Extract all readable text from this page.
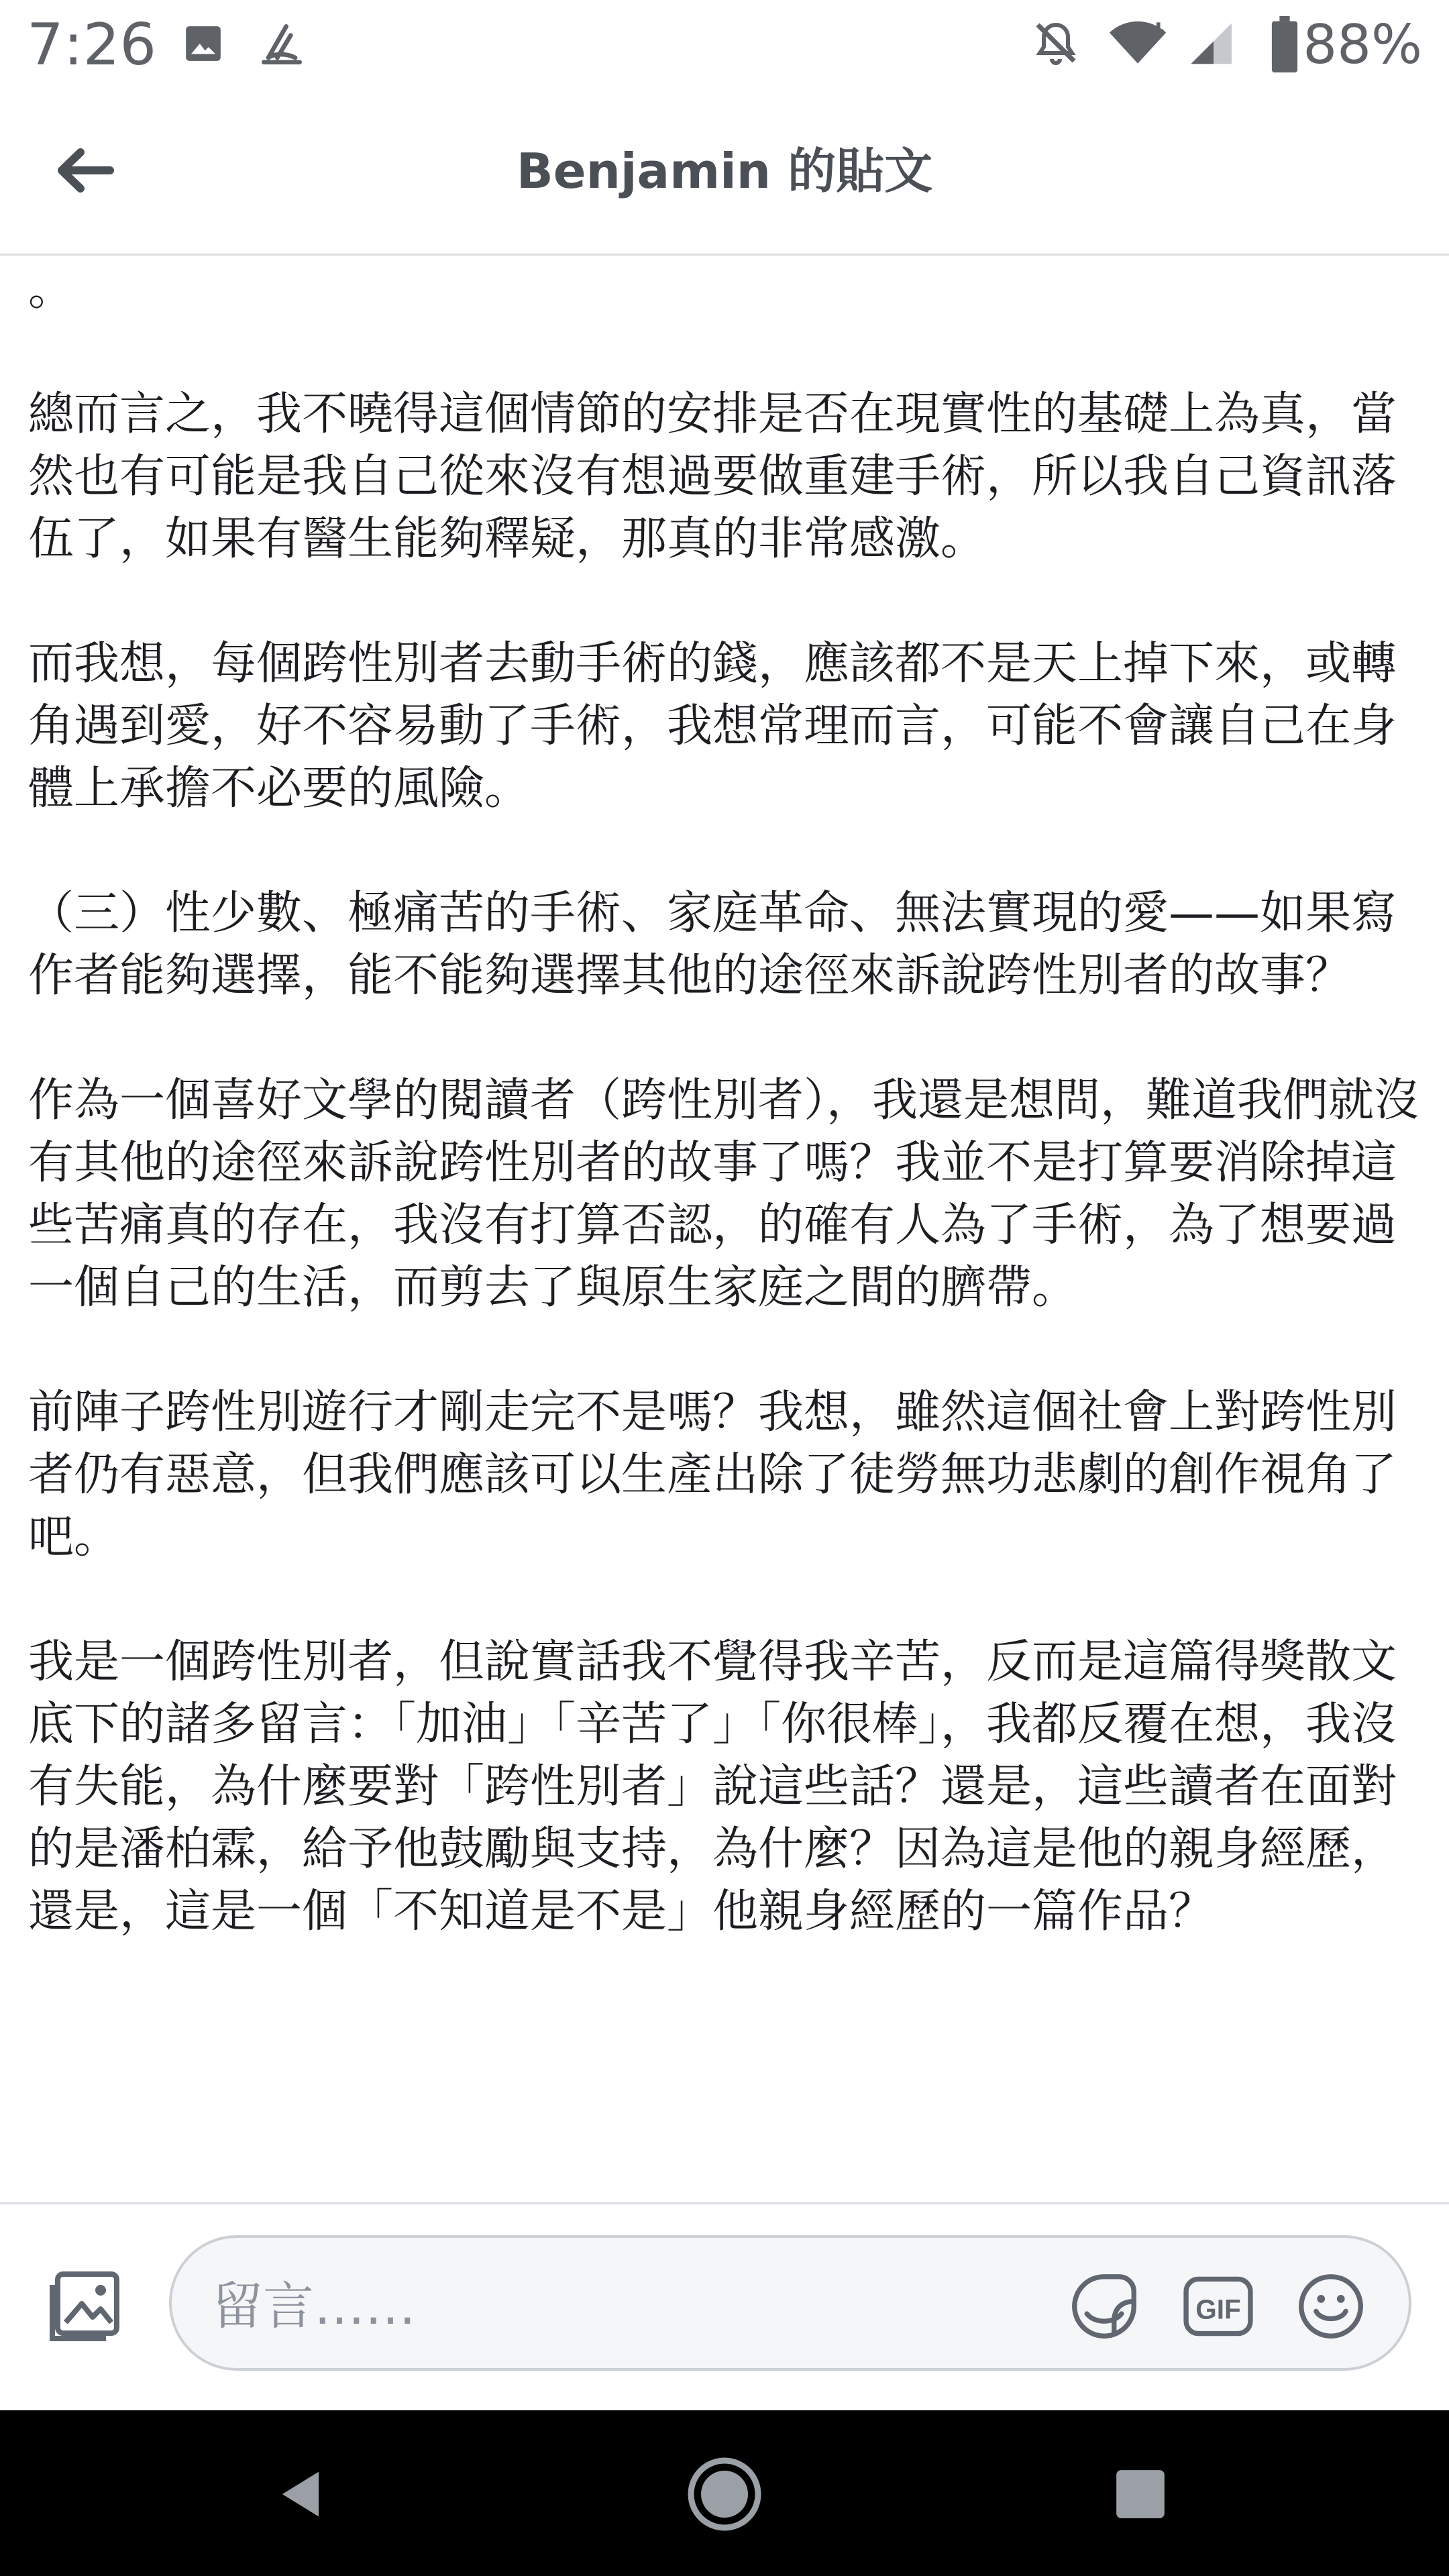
7:26	88%
Benjamin 的貼文

。

總而言之，我不曉得這個情節的安排是否在現實性的基礎上為真，當然也有可能是我自己從來沒有想過要做重建手術，所以我自己資訊落伍了，如果有醫生能夠釋疑，那真的非常感激。

而我想，每個跨性別者去動手術的錢，應該都不是天上掉下來，或轉角遇到愛，好不容易動了手術，我想常理而言，可能不會讓自己在身體上承擔不必要的風險。

（三）性少數、極痛苦的手術、家庭革命、無法實現的愛——如果寫作者能夠選擇，能不能夠選擇其他的途徑來訴說跨性別者的故事？

作為一個喜好文學的閱讀者（跨性別者），我還是想問，難道我們就沒有其他的途徑來訴說跨性別者的故事了嗎？我並不是打算要消除掉這些苦痛真的存在，我沒有打算否認，的確有人為了手術，為了想要過一個自己的生活，而剪去了與原生家庭之間的臍帶。

前陣子跨性別遊行才剛走完不是嗎？我想，雖然這個社會上對跨性別者仍有惡意，但我們應該可以生產出除了徒勞無功悲劇的創作視角了吧。

我是一個跨性別者，但說實話我不覺得我辛苦，反而是這篇得獎散文底下的諸多留言：「加油」「辛苦了」「你很棒」，我都反覆在想，我沒有失能，為什麼要對「跨性別者」說這些話？還是，這些讀者在面對的是潘柏霖，給予他鼓勵與支持，為什麼？因為這是他的親身經歷，還是，這是一個「不知道是不是」他親身經歷的一篇作品？

留言……
GIF
